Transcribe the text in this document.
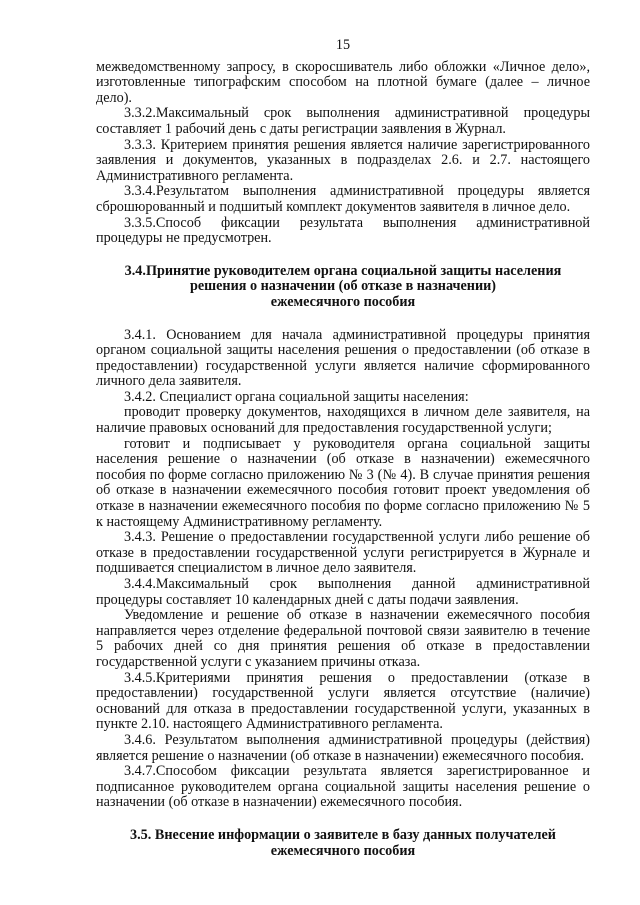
15

межведомственному запросу, в скоросшиватель либо обложки «Личное дело», изготовленные типографским способом на плотной бумаге (далее – личное дело).

3.3.2.Максимальный срок выполнения административной процедуры составляет 1 рабочий день с даты регистрации заявления в Журнал.

3.3.3. Критерием принятия решения является наличие зарегистрированного заявления и документов, указанных в подразделах 2.6. и 2.7. настоящего Административного регламента.

3.3.4.Результатом выполнения административной процедуры является сброшюрованный и подшитый комплект документов заявителя в личное дело.

3.3.5.Способ фиксации результата выполнения административной процедуры не предусмотрен.

3.4.Принятие руководителем органа социальной защиты населения
решения о назначении (об отказе в назначении)
ежемесячного пособия

3.4.1. Основанием для начала административной процедуры принятия органом социальной защиты населения решения о предоставлении (об отказе в предоставлении) государственной услуги является наличие сформированного личного дела заявителя.

3.4.2. Специалист органа социальной защиты населения:

проводит проверку документов, находящихся в личном деле заявителя, на наличие правовых оснований для предоставления государственной услуги;

готовит и подписывает у руководителя органа социальной защиты населения решение о назначении (об отказе в назначении) ежемесячного пособия по форме согласно приложению № 3 (№ 4). В случае принятия решения об отказе в назначении ежемесячного пособия готовит проект уведомления об отказе в назначении ежемесячного пособия по форме согласно приложению № 5 к настоящему Административному регламенту.

3.4.3. Решение о предоставлении государственной услуги либо решение об отказе в предоставлении государственной услуги регистрируется в Журнале и подшивается специалистом в личное дело заявителя.

3.4.4.Максимальный срок выполнения данной административной процедуры составляет 10 календарных дней с даты подачи заявления.

Уведомление и решение об отказе в назначении ежемесячного пособия направляется через отделение федеральной почтовой связи заявителю в течение 5 рабочих дней со дня принятия решения об отказе в предоставлении государственной услуги с указанием причины отказа.

3.4.5.Критериями принятия решения о предоставлении (отказе в предоставлении) государственной услуги является отсутствие (наличие) оснований для отказа в предоставлении государственной услуги, указанных в пункте 2.10. настоящего Административного регламента.

3.4.6. Результатом выполнения административной процедуры (действия) является решение о назначении (об отказе в назначении) ежемесячного пособия.

3.4.7.Способом фиксации результата является зарегистрированное и подписанное руководителем органа социальной защиты населения решение о назначении (об отказе в назначении) ежемесячного пособия.

3.5. Внесение информации о заявителе в базу данных получателей
ежемесячного пособия
